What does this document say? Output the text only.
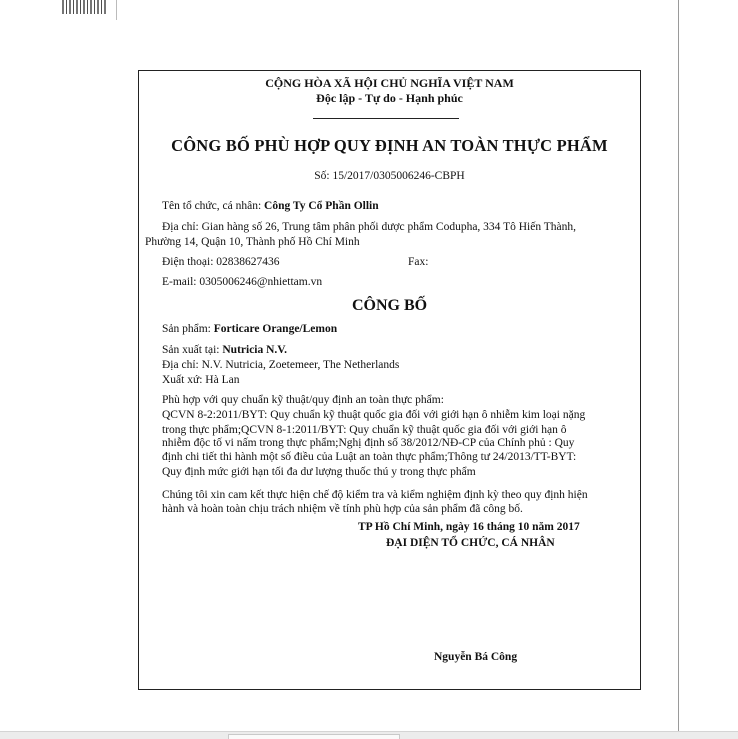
CỘNG HÒA XÃ HỘI CHỦ NGHĨA VIỆT NAM
Độc lập - Tự do - Hạnh phúc
CÔNG BỐ PHÙ HỢP QUY ĐỊNH AN TOÀN THỰC PHẨM
Số: 15/2017/0305006246-CBPH
Tên tổ chức, cá nhân: Công Ty Cổ Phần Ollin
Địa chỉ: Gian hàng số 26, Trung tâm phân phối dược phẩm Codupha, 334 Tô Hiến Thành,
Phường 14, Quận 10, Thành phố Hồ Chí Minh
Điện thoại: 02838627436	Fax:
E-mail: 0305006246@nhiettam.vn
CÔNG BỐ
Sản phẩm: Forticare Orange/Lemon
Sản xuất tại: Nutricia N.V.
Địa chỉ: N.V. Nutricia, Zoetemeer, The Netherlands
Xuất xứ: Hà Lan
Phù hợp với quy chuẩn kỹ thuật/quy định an toàn thực phẩm:
QCVN 8-2:2011/BYT: Quy chuẩn kỹ thuật quốc gia đối với giới hạn ô nhiễm kim loại nặng
trong thực phẩm;QCVN 8-1:2011/BYT: Quy chuẩn kỹ thuật quốc gia đối với giới hạn ô
nhiễm độc tố vi nấm trong thực phẩm;Nghị định số 38/2012/NĐ-CP của Chính phủ : Quy
định chi tiết thi hành một số điều của Luật an toàn thực phẩm;Thông tư 24/2013/TT-BYT:
Quy định mức giới hạn tối đa dư lượng thuốc thú y trong thực phẩm
Chúng tôi xin cam kết thực hiện chế độ kiểm tra và kiểm nghiệm định kỳ theo quy định hiện
hành và hoàn toàn chịu trách nhiệm về tính phù hợp của sản phẩm đã công bố.
TP Hồ Chí Minh, ngày 16 tháng 10 năm 2017
ĐẠI DIỆN TỔ CHỨC, CÁ NHÂN
Nguyễn Bá Công
